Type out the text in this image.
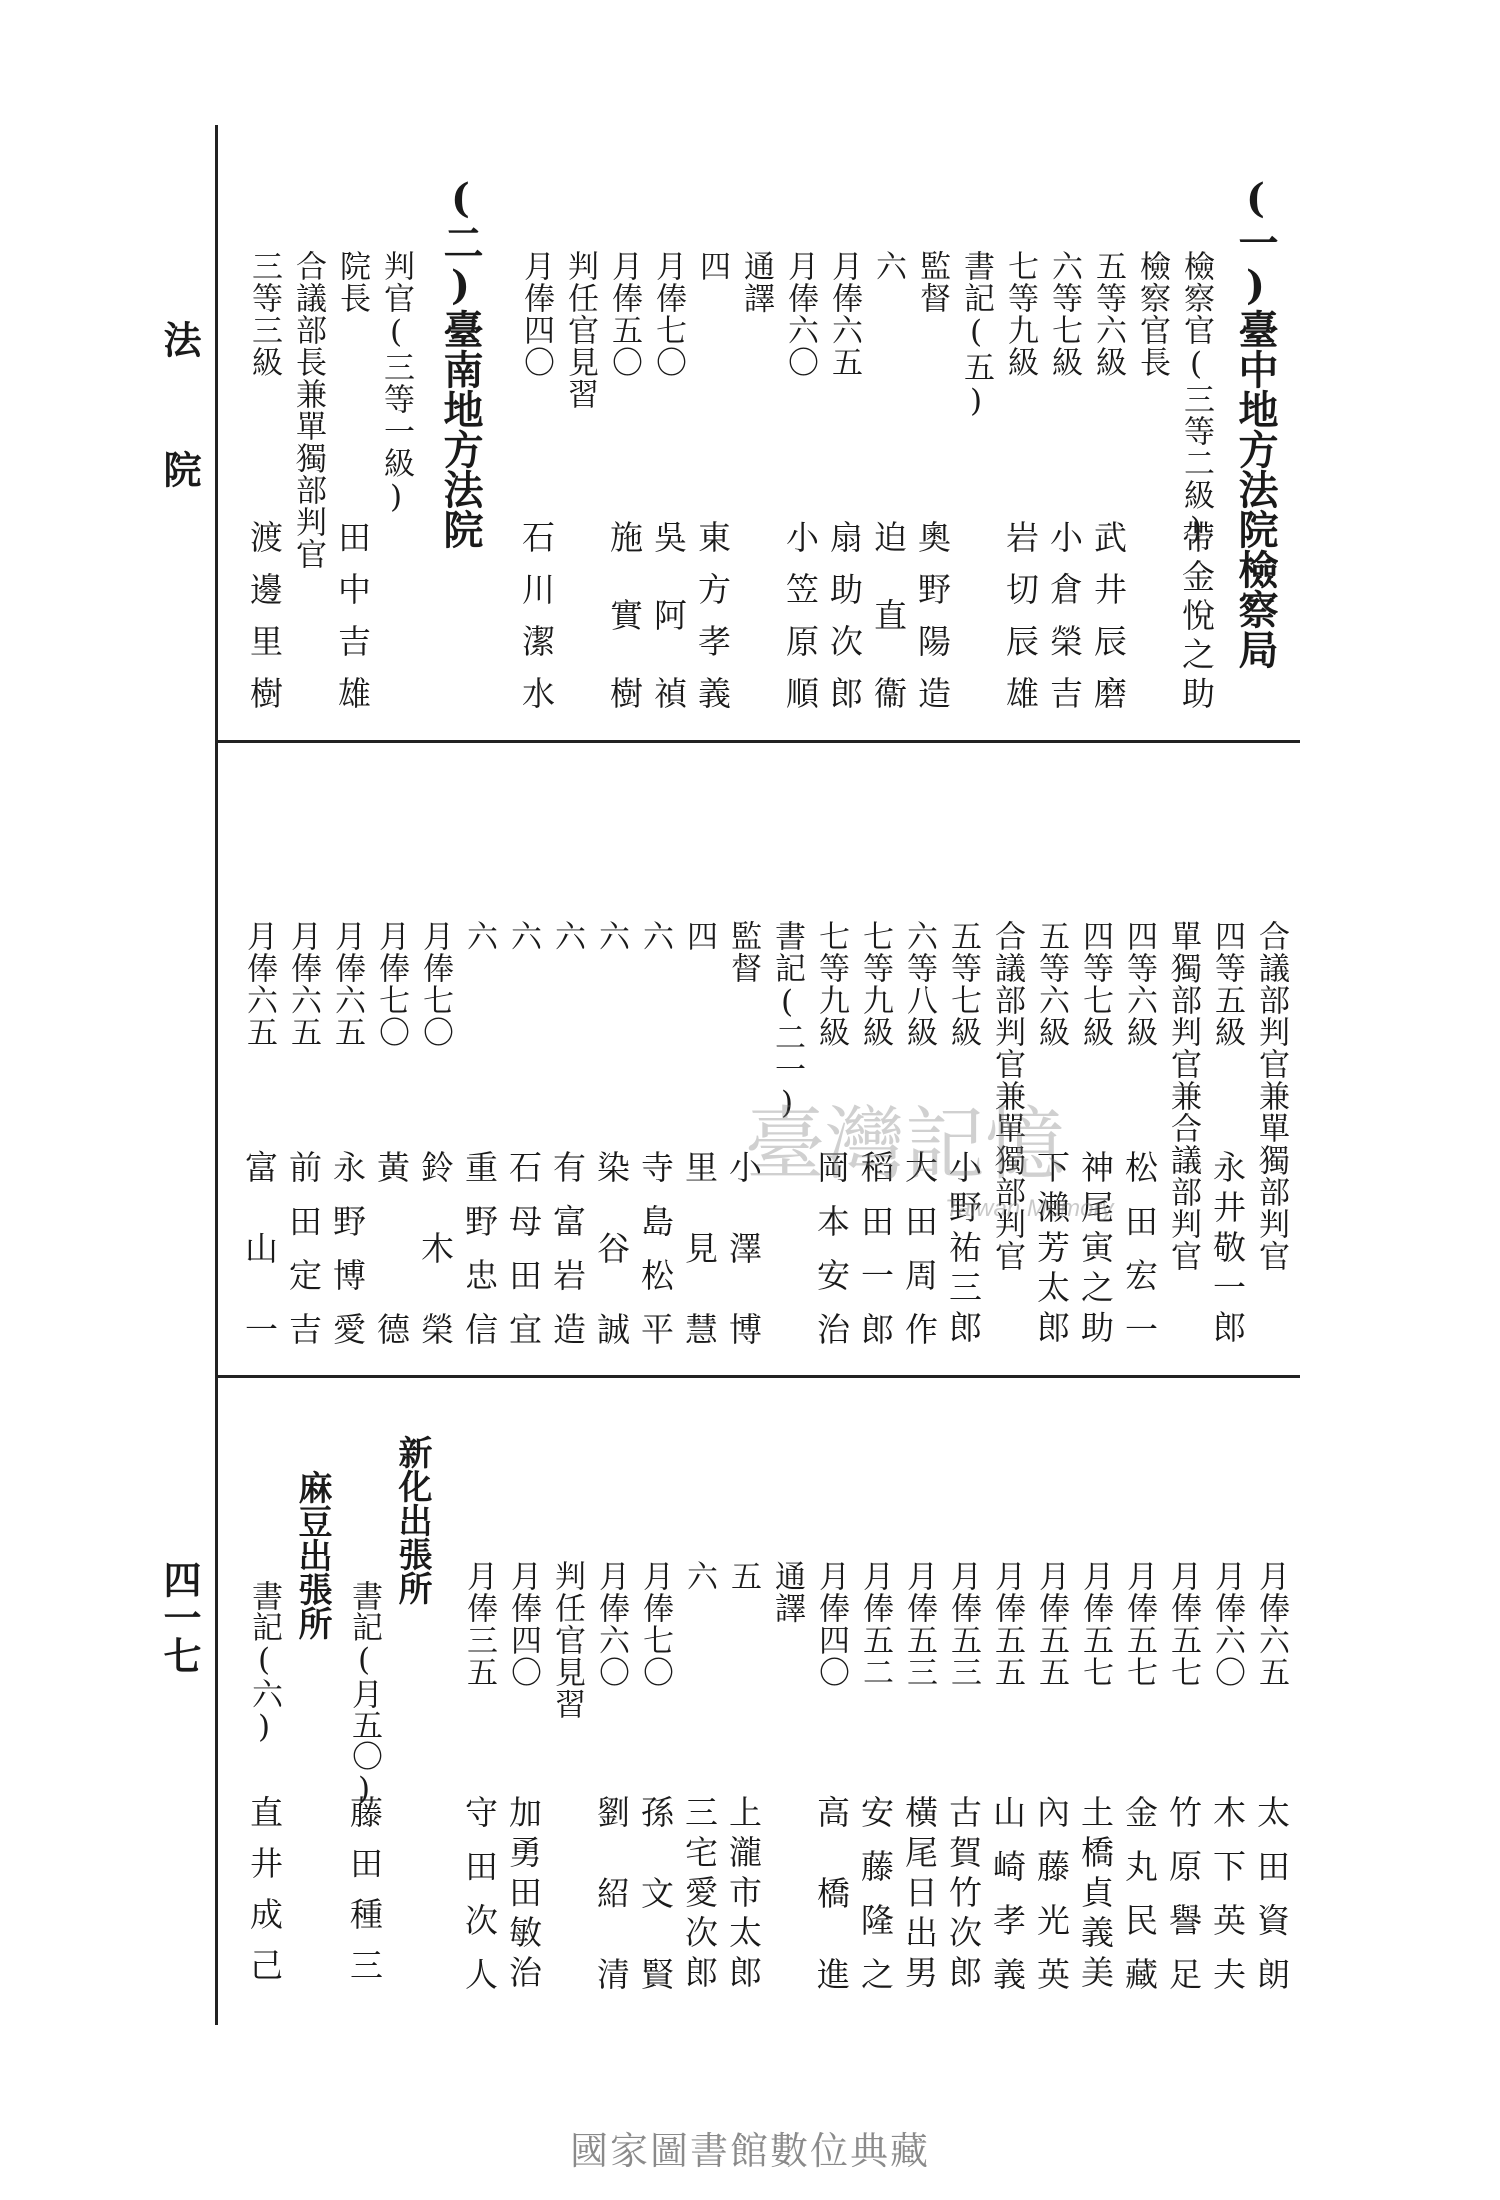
法
院
四一七
(一)臺中地方法院檢察局
檢察官(三等二級)
帶金悅之助
檢察官長
五等六級
武井辰磨
六等七級
小倉榮吉
七等九級
岩切辰雄
書記(五)
監督
奧野陽造
六
迫直衞
月俸六五
扇助次郎
月俸六〇
小笠原順
通譯
四
東方孝義
月俸七〇
吳阿禎
月俸五〇
施實樹
判任官見習
月俸四〇
石川潔水
(二)臺南地方法院
判官(三等一級)
院長
田中吉雄
合議部長兼單獨部判官
三等三級
渡邊里樹
合議部判官兼單獨部判官
四等五級
永井敬一郎
單獨部判官兼合議部判官
四等六級
松田宏一
四等七級
神尾寅之助
五等六級
下瀨芳太郎
合議部判官兼單獨部判官
五等七級
小野祐三郎
六等八級
大田周作
七等九級
稻田一郎
七等九級
岡本安治
書記(二一)
監督
小澤博
四
里見慧
六
寺島松平
六
染谷誠
六
有富岩造
六
石母田宜
六
重野忠信
月俸七〇
鈴木榮
月俸七〇
黃德
月俸六五
永野博愛
月俸六五
前田定吉
月俸六五
富山一
月俸六五
太田資朗
月俸六〇
木下英夫
月俸五七
竹原譽足
月俸五七
金丸民藏
月俸五七
土橋貞義美
月俸五五
內藤光英
月俸五五
山崎孝義
月俸五三
古賀竹次郎
月俸五三
橫尾日出男
月俸五二
安藤隆之
月俸四〇
高橋進
通譯
五
上瀧市太郎
六
三宅愛次郎
月俸七〇
孫文賢
月俸六〇
劉紹清
判任官見習
月俸四〇
加勇田敏治
月俸三五
守田次人
新化出張所
書記(月五〇)
藤田種三
麻豆出張所
書記(六)
直井成己
臺灣記憶
Taiwan Memory
國家圖書館數位典藏
